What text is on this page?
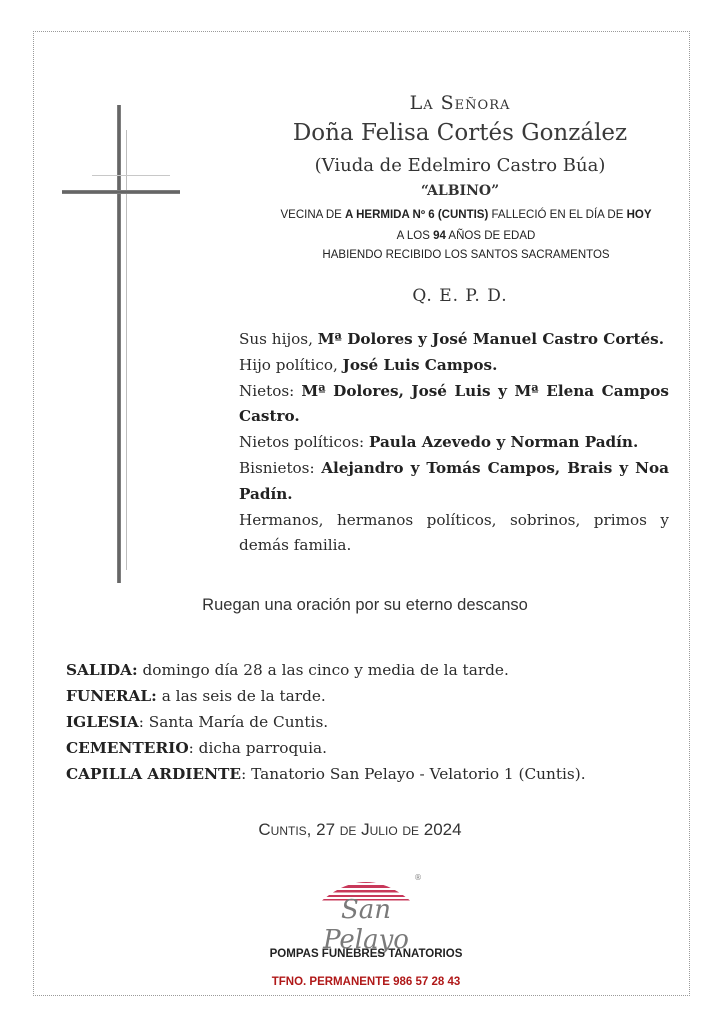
La Señora
Doña Felisa Cortés González
(Viuda de Edelmiro Castro Búa)
“ALBINO”
VECINA DE A HERMIDA Nº 6 (CUNTIS) FALLECIÓ EN EL DÍA DE HOY
A LOS 94 AÑOS DE EDAD
HABIENDO RECIBIDO LOS SANTOS SACRAMENTOS
Q. E. P. D.

Sus hijos, Mª Dolores y José Manuel Castro Cortés.

Hijo político, José Luis Campos.

Nietos: Mª Dolores, José Luis y Mª Elena Campos Castro.

Nietos políticos: Paula Azevedo y Norman Padín.

Bisnietos: Alejandro y Tomás Campos, Brais y Noa Padín.

Hermanos, hermanos políticos, sobrinos, primos y demás familia.

Ruegan una oración por su eterno descanso

SALIDA: domingo día 28 a las cinco y media de la tarde.

FUNERAL: a las seis de la tarde.

IGLESIA: Santa María de Cuntis.

CEMENTERIO: dicha parroquia.

CAPILLA ARDIENTE: Tanatorio San Pelayo - Velatorio 1 (Cuntis).

Cuntis, 27 de Julio de 2024
®
San Pelayo
POMPAS FUNEBRES TANATORIOS
TFNO. PERMANENTE 986 57 28 43
